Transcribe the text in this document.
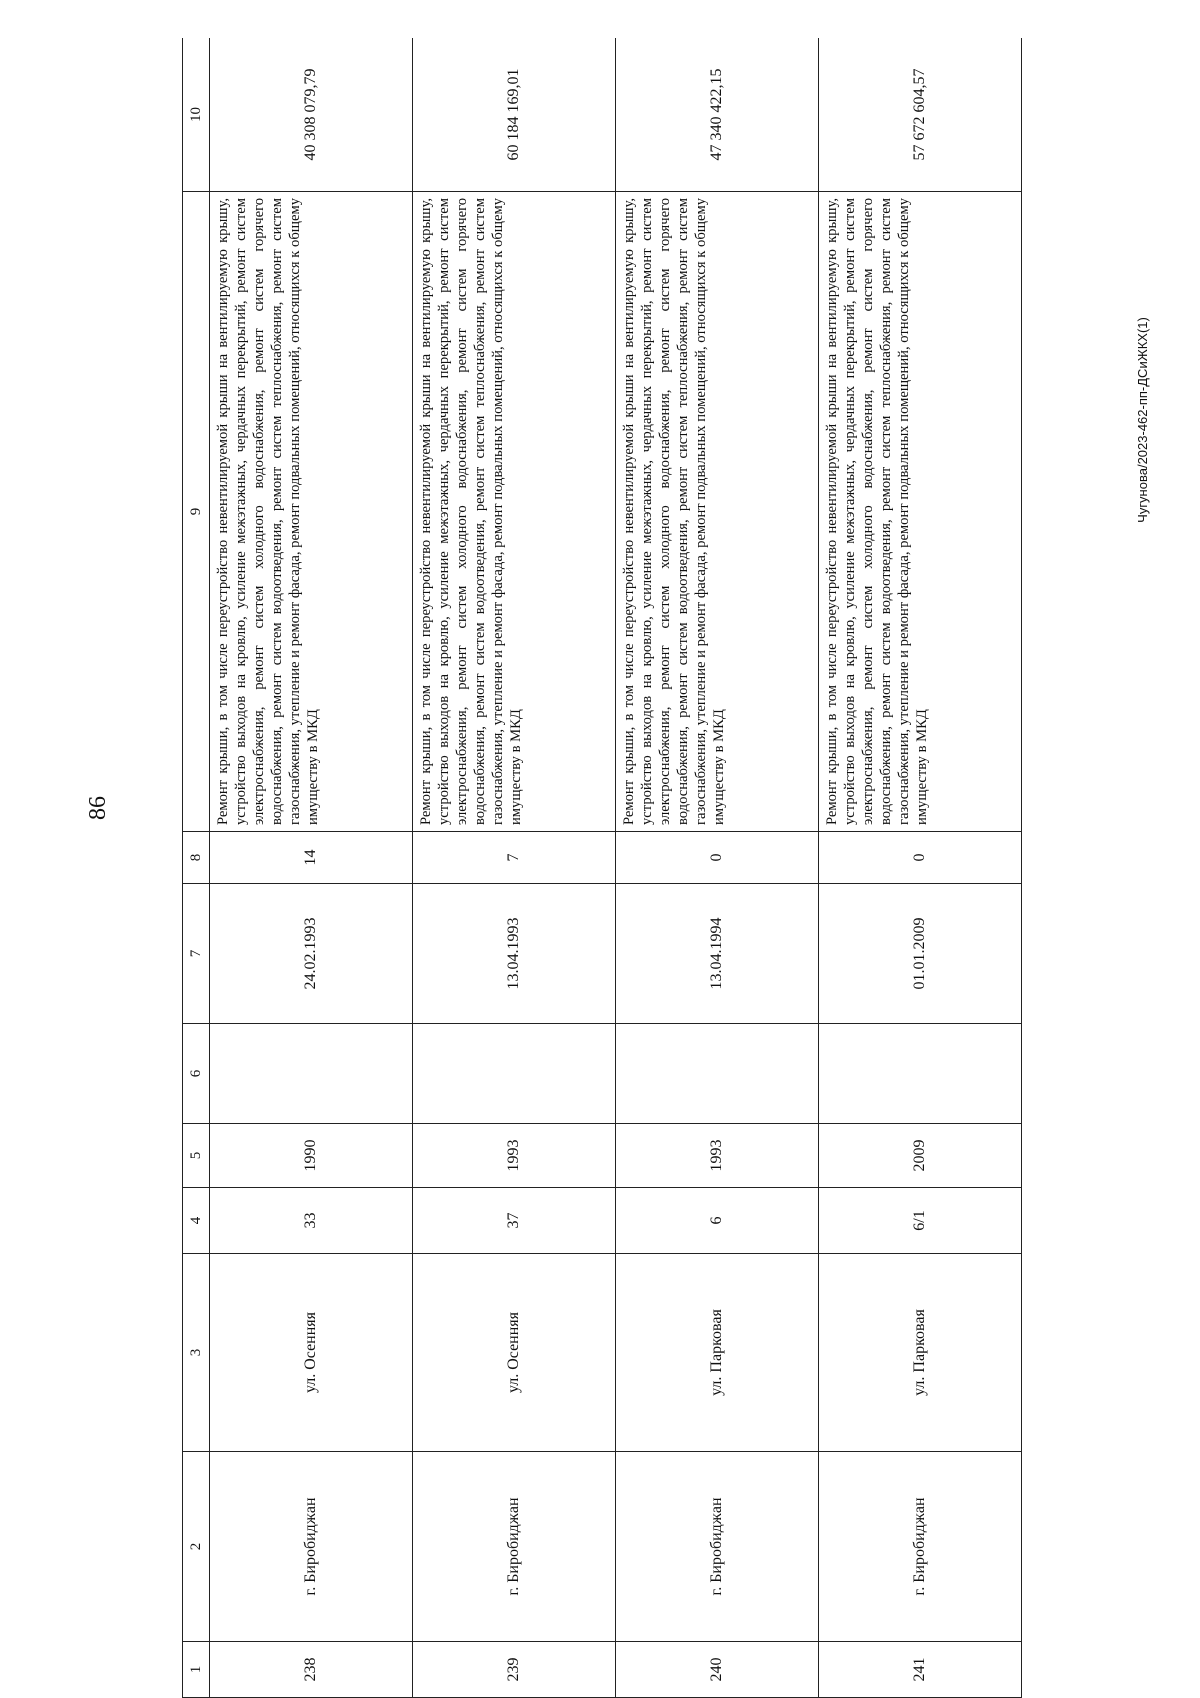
86
Чугунова/2023-462-пп-ДСиЖКХ(1)
1	2	3	4	5	6	7	8	9	10
238	г. Биробиджан	ул. Осенняя	33	1990		24.02.1993	14	Ремонт крыши, в том числе переустройство невентилируемой крыши на вентилируемую крышу, устройство выходов на кровлю, усиление межэтажных, чердачных перекрытий, ремонт систем электроснабжения, ремонт систем холодного водоснабжения, ремонт систем горячего водоснабжения, ремонт систем водоотведения, ремонт систем теплоснабжения, ремонт систем газоснабжения, утепление и ремонт фасада, ремонт подвальных помещений, относящихся к общему имуществу в МКД	40 308 079,79
239	г. Биробиджан	ул. Осенняя	37	1993		13.04.1993	7	Ремонт крыши, в том числе переустройство невентилируемой крыши на вентилируемую крышу, устройство выходов на кровлю, усиление межэтажных, чердачных перекрытий, ремонт систем электроснабжения, ремонт систем холодного водоснабжения, ремонт систем горячего водоснабжения, ремонт систем водоотведения, ремонт систем теплоснабжения, ремонт систем газоснабжения, утепление и ремонт фасада, ремонт подвальных помещений, относящихся к общему имуществу в МКД	60 184 169,01
240	г. Биробиджан	ул. Парковая	6	1993		13.04.1994	0	Ремонт крыши, в том числе переустройство невентилируемой крыши на вентилируемую крышу, устройство выходов на кровлю, усиление межэтажных, чердачных перекрытий, ремонт систем электроснабжения, ремонт систем холодного водоснабжения, ремонт систем горячего водоснабжения, ремонт систем водоотведения, ремонт систем теплоснабжения, ремонт систем газоснабжения, утепление и ремонт фасада, ремонт подвальных помещений, относящихся к общему имуществу в МКД	47 340 422,15
241	г. Биробиджан	ул. Парковая	6/1	2009		01.01.2009	0	Ремонт крыши, в том числе переустройство невентилируемой крыши на вентилируемую крышу, устройство выходов на кровлю, усиление межэтажных, чердачных перекрытий, ремонт систем электроснабжения, ремонт систем холодного водоснабжения, ремонт систем горячего водоснабжения, ремонт систем водоотведения, ремонт систем теплоснабжения, ремонт систем газоснабжения, утепление и ремонт фасада, ремонт подвальных помещений, относящихся к общему имуществу в МКД	57 672 604,57
